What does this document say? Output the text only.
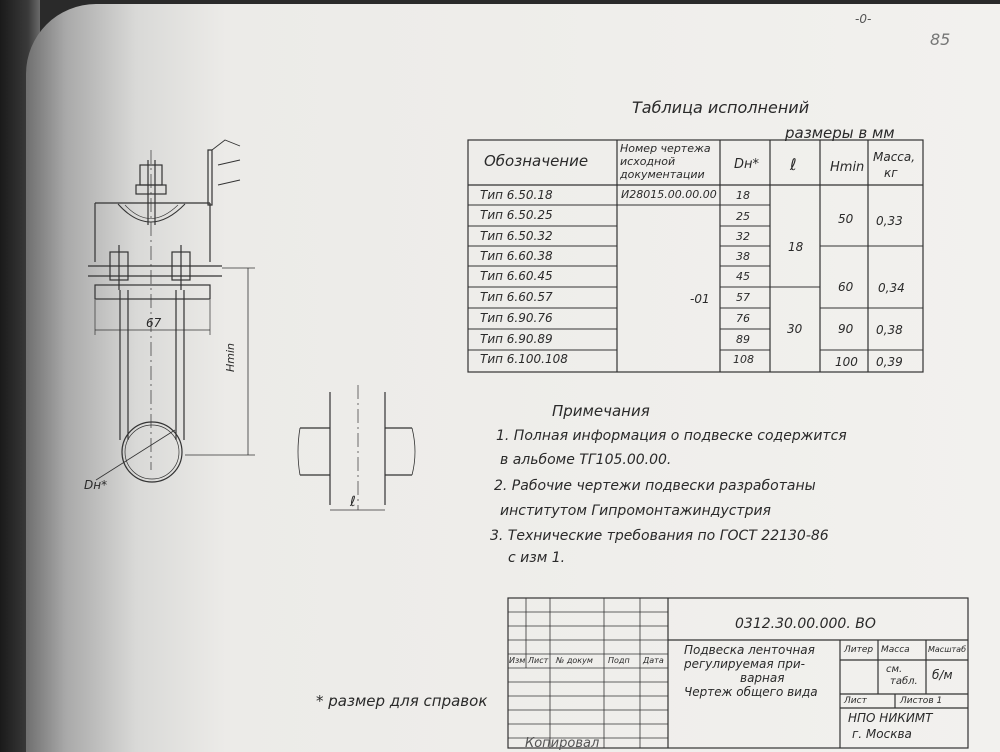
85
-0-
Таблица исполнений
размеры в мм
Обозначение
Номер чертежа
исходной
документации
Dн* ℓ	Hmin
Масса,
кг
Тип 6.50.18
Тип 6.50.25
Тип 6.50.32
Тип 6.60.38
Тип 6.60.45
Тип 6.60.57
Тип 6.90.76
Тип 6.90.89
Тип 6.100.108
И28015.00.00.00
-01
18
25
32
38
45
57
76
89
108
18
30
50
60
90
100
0,33
0,34
0,38
0,39
67
Hmin
Dн*
ℓ
Примечания
1. Полная информация о подвеске содержится
в альбоме ТГ105.00.00.
2. Рабочие чертежи подвески разработаны
институтом Гипромонтажиндустрия
3. Технические требования по ГОСТ 22130-86
с изм 1.
* размер для справок
Копировал
0312.30.00.000. ВО
Изм Лист № докум Подп Дата
Подвеска ленточная
регулируемая при-
варная
Чертеж общего вида
Литер Масса Масштаб
см.
табл. б/м
Лист	Листов 1
НПО НИКИМТ
г. Москва
